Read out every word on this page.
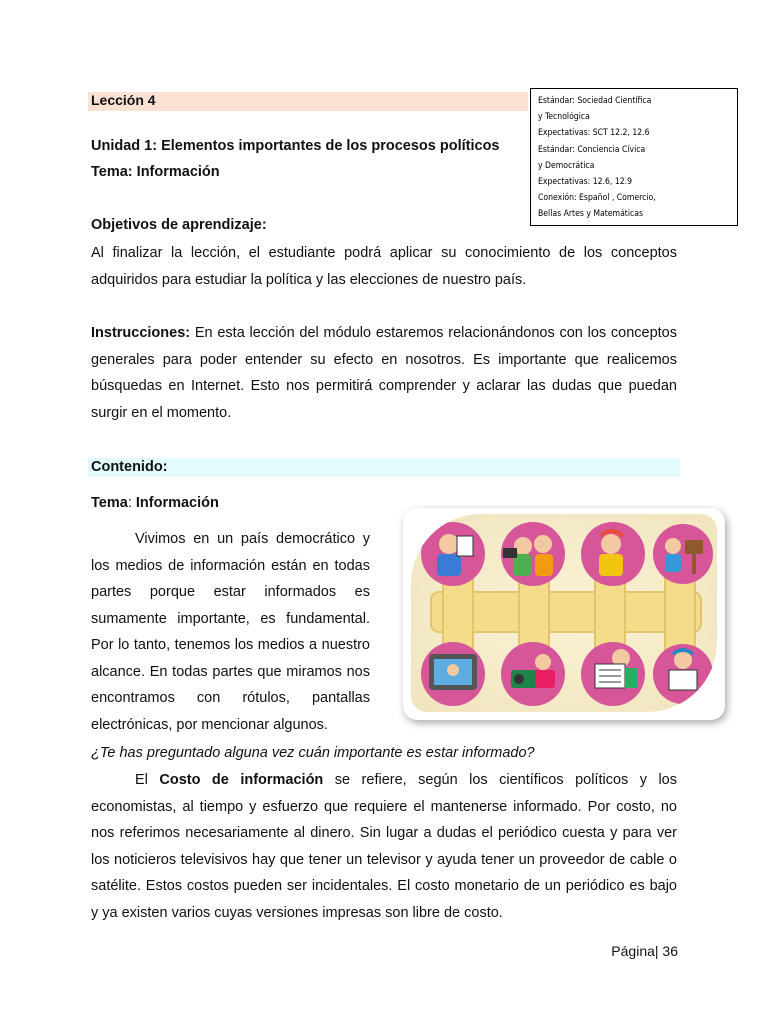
Lección 4	Estándar: Sociedad Científica
y Tecnológica
Expectativas: SCT 12.2, 12.6
Estándar: Conciencia Cívica
y Democrática
Expectativas: 12.6, 12.9
Conexión: Español , Comercio,
Bellas Artes y Matemáticas
Unidad 1: Elementos importantes de los procesos políticos
Tema: Información
Objetivos de aprendizaje:
Al finalizar la lección, el estudiante podrá aplicar su conocimiento de los conceptos adquiridos para estudiar la política y las elecciones de nuestro país.
Instrucciones: En esta lección del módulo estaremos relacionándonos con los conceptos generales para poder entender su efecto en nosotros. Es importante que realicemos búsquedas en Internet. Esto nos permitirá comprender y aclarar las dudas que puedan surgir en el momento.
Contenido:
Tema: Información
Vivimos en un país democrático y los medios de información están en todas partes porque estar informados es sumamente importante, es fundamental. Por lo tanto, tenemos los medios a nuestro alcance. En todas partes que miramos nos encontramos con rótulos, pantallas electrónicas, por mencionar algunos.
¿Te has preguntado alguna vez cuán importante es estar informado?
El Costo de información se refiere, según los científicos políticos y los economistas, al tiempo y esfuerzo que requiere el mantenerse informado. Por costo, no nos referimos necesariamente al dinero. Sin lugar a dudas el periódico cuesta y para ver los noticieros televisivos hay que tener un televisor y ayuda tener un proveedor de cable o satélite. Estos costos pueden ser incidentales. El costo monetario de un periódico es bajo y ya existen varios cuyas versiones impresas son libre de costo.
Página| 36
